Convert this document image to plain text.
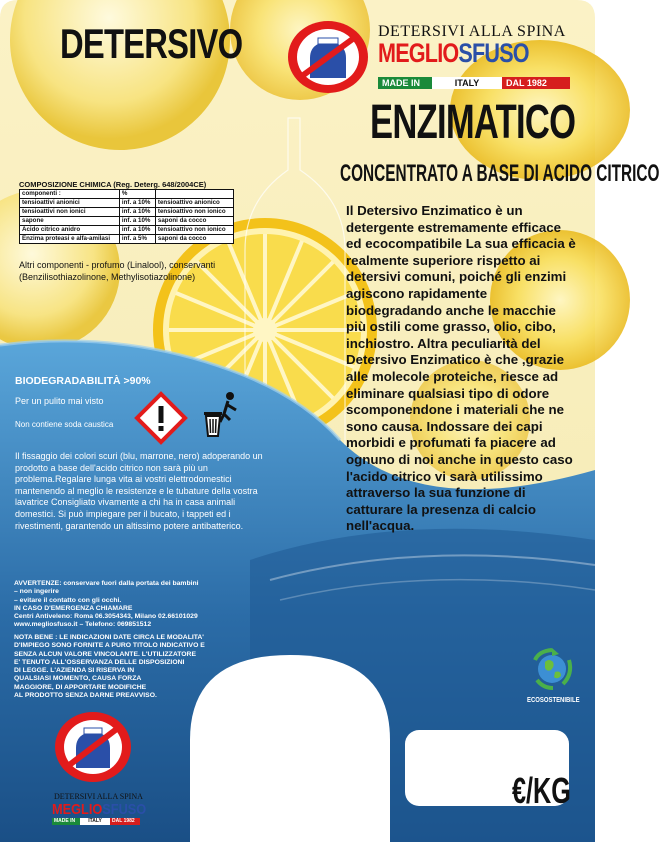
DETERSIVO	DETERSIVI ALLA SPINA
MEGLIOSFUSO
MADE IN	ITALY	DAL 1982
ENZIMATICO
CONCENTRATO A BASE DI ACIDO CITRICO
Il Detersivo Enzimatico è un detergente estremamente efficace ed ecocompatibile La sua efficacia è realmente superiore rispetto ai detersivi comuni, poiché gli enzimi agiscono rapidamente biodegradando anche le macchie più ostili come grasso, olio, cibo, inchiostro. Altra peculiarità del Detersivo Enzimatico è che ,grazie alle molecole proteiche, riesce ad eliminare qualsiasi tipo di odore scomponendone i materiali che ne sono causa. Indossare dei capi morbidi e profumati fa piacere ad ognuno di noi anche in questo caso l'acido citrico vi sarà utilissimo attraverso la sua funzione di catturare la presenza di calcio nell'acqua.
COMPOSIZIONE CHIMICA (Reg. Deterg. 648/2004CE)
componenti :	%	
tensioattivi anionici	inf. a 10%	tensioattivo anionico
tensioattivi non ionici	inf. a 10%	tensioattivo non ionico
sapone	inf. a 10%	saponi da cocco
Acido citrico anidro	inf. a 10%	tensioattivo non ionico
Enzima proteasi e alfa-amilasi	inf. a 5%	saponi da cocco
Altri componenti - profumo (Linalool), conservanti (Benzilisothiazolinone, Methylisotiazolinone)
BIODEGRADABILITÀ >90%
Per un pulito mai visto
Non contiene soda caustica
Il fissaggio dei colori scuri (blu, marrone, nero) adoperando un prodotto a base dell'acido citrico non sarà più un problema.Regalare lunga vita ai vostri elettrodomestici mantenendo al meglio le resistenze e le tubature della vostra lavatrice Consigliato vivamente a chi ha in casa animali domestici. Si può impiegare per il bucato, i tappeti ed i rivestimenti, garantendo un altissimo potere antibatterico.
AVVERTENZE: conservare fuori dalla portata dei bambini
– non ingerire
– evitare il contatto con gli occhi.
IN CASO D'EMERGENZA CHIAMARE
Centri Antiveleno: Roma 06.3054343, Milano 02.66101029
www.megliosfuso.it – Telefono: 069851512
NOTA BENE : LE INDICAZIONI DATE CIRCA LE MODALITA'
D'IMPIEGO SONO FORNITE A PURO TITOLO INDICATIVO E
SENZA ALCUN VALORE VINCOLANTE. L'UTILIZZATORE
E' TENUTO ALL'OSSERVANZA DELLE DISPOSIZIONI
DI LEGGE. L'AZIENDA SI RISERVA IN
QUALSIASI MOMENTO, CAUSA FORZA
MAGGIORE, DI APPORTARE MODIFICHE
AL PRODOTTO SENZA DARNE PREAVVISO.
ECOSOSTENIBILE
€/KG
DETERSIVI ALLA SPINA
MEGLIOSFUSO
MADE IN	ITALY	DAL 1982
